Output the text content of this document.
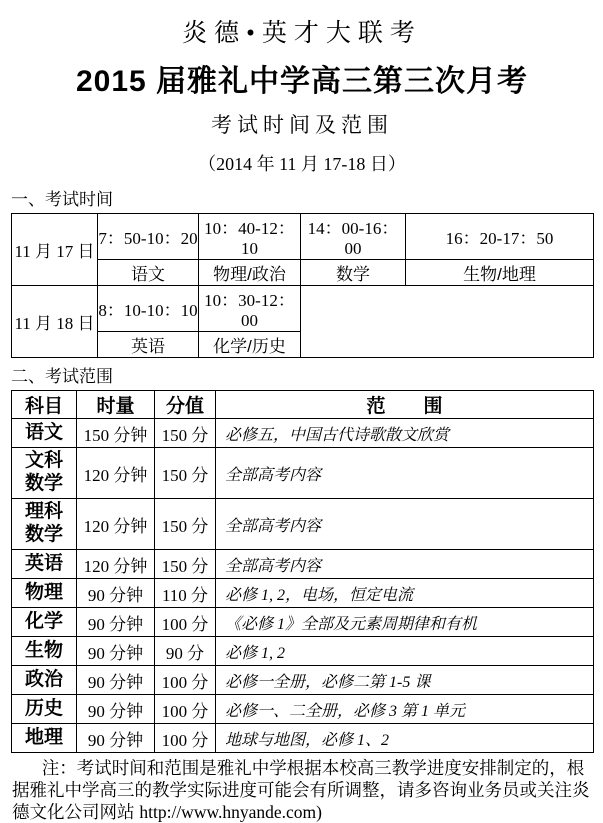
炎德•英才大联考
2015 届雅礼中学高三第三次月考
考试时间及范围
（2014 年 11 月 17-18 日）
一、考试时间
11 月 17 日	7：50-10：20	10：40-12：10	14：00-16：00	16：20-17：50
	语文	物理/政治	数学	生物/地理
11 月 18 日	8：10-10：10	10：30-12：00		
	英语	化学/历史		
二、考试范围
科目	时量	分值	范　　围
语文	150 分钟	150 分	必修五，中国古代诗歌散文欣赏
文科数学	120 分钟	150 分	全部高考内容
理科数学	120 分钟	150 分	全部高考内容
英语	120 分钟	150 分	全部高考内容
物理	90 分钟	110 分	必修 1, 2，电场，恒定电流
化学	90 分钟	100 分	《必修 1》全部及元素周期律和有机
生物	90 分钟	90 分	必修 1, 2
政治	90 分钟	100 分	必修一全册，必修二第 1-5 课
历史	90 分钟	100 分	必修一、二全册，必修 3 第 1 单元
地理	90 分钟	100 分	地球与地图，必修 1、2

注：考试时间和范围是雅礼中学根据本校高三教学进度安排制定的，根据雅礼中学高三的教学实际进度可能会有所调整，请多咨询业务员或关注炎德文化公司网站 http://www.hnyande.com)
